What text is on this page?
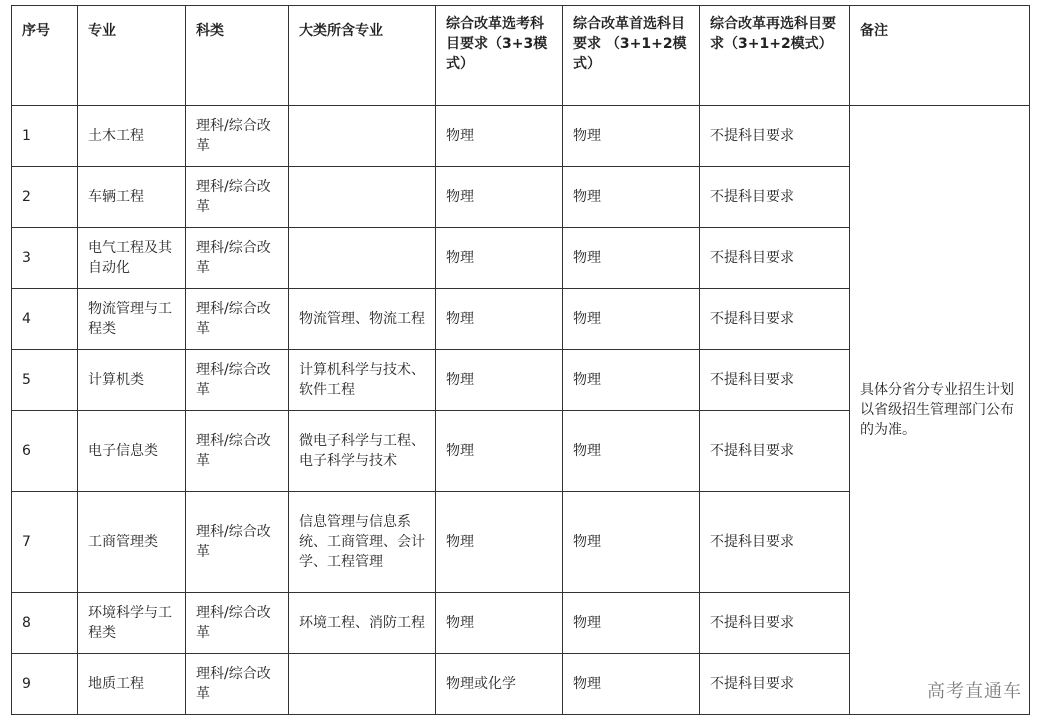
序号	专业	科类	大类所含专业	综合改革选考科目要求（3+3模式）	综合改革首选科目要求 （3+1+2模式）	综合改革再选科目要求（3+1+2模式）	备注
1	土木工程	理科/综合改革		物理	物理	不提科目要求	具体分省分专业招生计划以省级招生管理部门公布的为准。
2	车辆工程	理科/综合改革		物理	物理	不提科目要求	
3	电气工程及其自动化	理科/综合改革		物理	物理	不提科目要求	
4	物流管理与工程类	理科/综合改革	物流管理、物流工程	物理	物理	不提科目要求	
5	计算机类	理科/综合改革	计算机科学与技术、软件工程	物理	物理	不提科目要求	
6	电子信息类	理科/综合改革	微电子科学与工程、电子科学与技术	物理	物理	不提科目要求	
7	工商管理类	理科/综合改革	信息管理与信息系统、工商管理、会计学、工程管理	物理	物理	不提科目要求	
8	环境科学与工程类	理科/综合改革	环境工程、消防工程	物理	物理	不提科目要求	
9	地质工程	理科/综合改革		物理或化学	物理	不提科目要求		高考直通车
